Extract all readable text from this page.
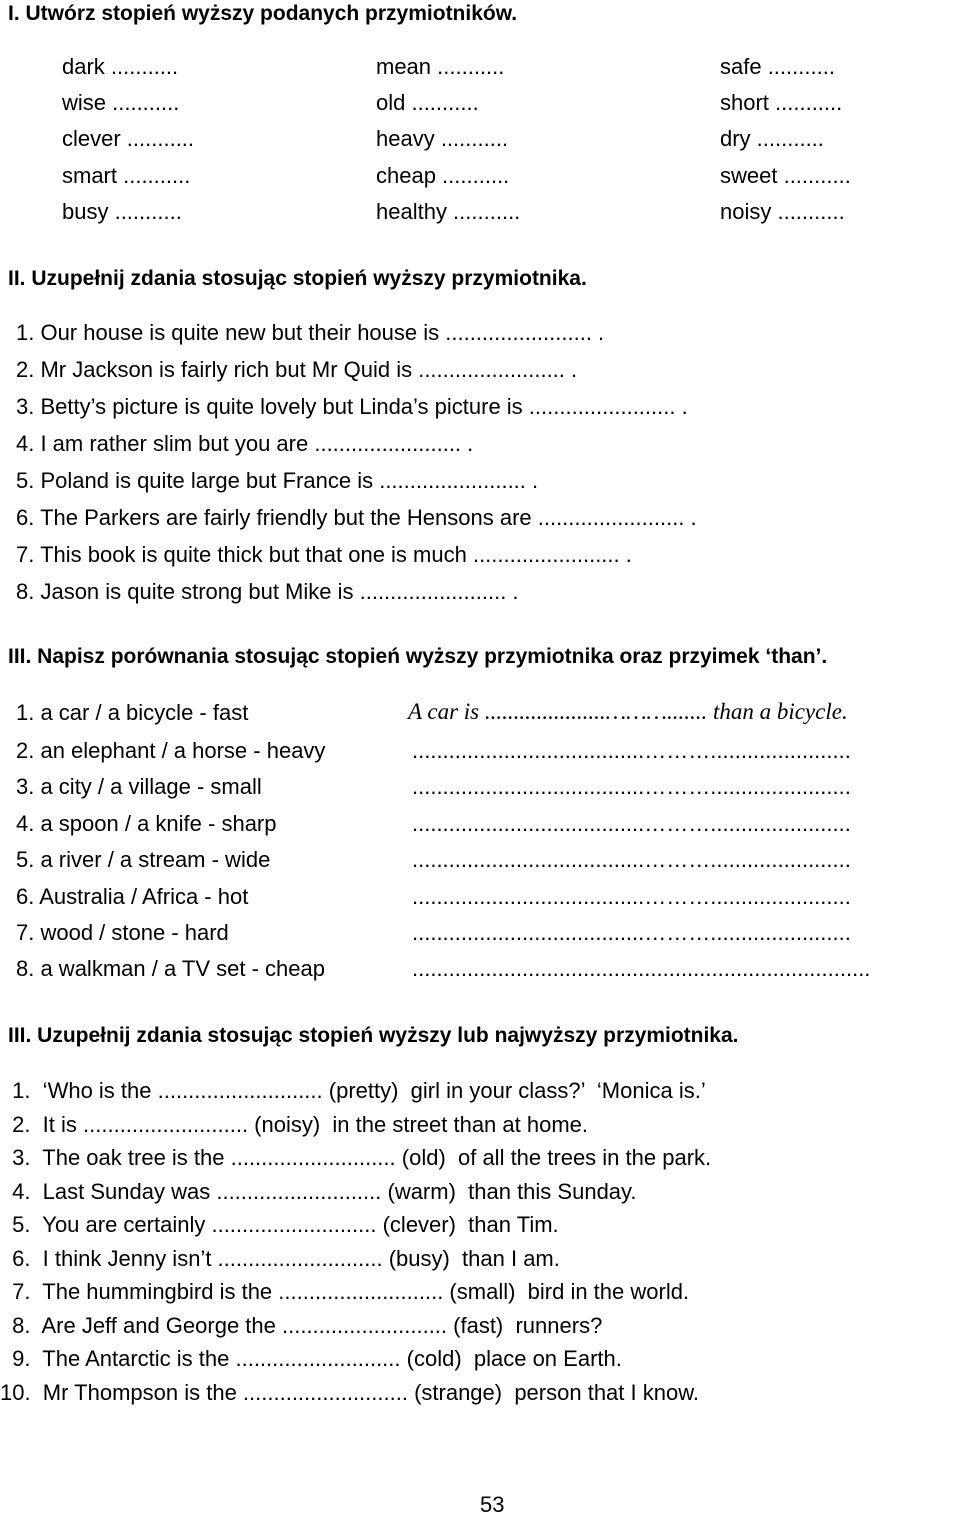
I. Utwórz stopień wyższy podanych przymiotników.
dark ...........	mean ...........	safe ...........
wise ...........	old ...........	short ...........
clever ...........	heavy ...........	dry ...........
smart ...........	cheap ...........	sweet ...........
busy ...........	healthy ...........	noisy ...........
II. Uzupełnij zdania stosując stopień wyższy przymiotnika.
1. Our house is quite new but their house is ........................ .
2. Mr Jackson is fairly rich but Mr Quid is ........................ .
3. Betty’s picture is quite lovely but Linda’s picture is ........................ .
4. I am rather slim but you are ........................ .
5. Poland is quite large but France is ........................ .
6. The Parkers are fairly friendly but the Hensons are ........................ .
7. This book is quite thick but that one is much ........................ .
8. Jason is quite strong but Mike is ........................ .
III. Napisz porównania stosując stopień wyższy przymiotnika oraz przyimek ‘than’.
1. a car / a bicycle - fast	A car is .....................………....... than a bicycle.
2. an elephant / a horse - heavy	......................................……….......................
3. a city / a village - small	......................................……….......................
4. a spoon / a knife - sharp	......................................……….......................
5. a river / a stream - wide	......................................……….......................
6. Australia / Africa - hot	......................................……….......................
7. wood / stone - hard	......................................……….......................
8. a walkman / a TV set - cheap	...........................................................................
III. Uzupełnij zdania stosując stopień wyższy lub najwyższy przymiotnika.
1.  ‘Who is the ........................... (pretty)  girl in your class?’  ‘Monica is.’
2.  It is ........................... (noisy)  in the street than at home.
3.  The oak tree is the ........................... (old)  of all the trees in the park.
4.  Last Sunday was ........................... (warm)  than this Sunday.
5.  You are certainly ........................... (clever)  than Tim.
6.  I think Jenny isn’t ........................... (busy)  than I am.
7.  The hummingbird is the ........................... (small)  bird in the world.
8.  Are Jeff and George the ........................... (fast)  runners?
9.  The Antarctic is the ........................... (cold)  place on Earth.
10.  Mr Thompson is the ........................... (strange)  person that I know.
53
